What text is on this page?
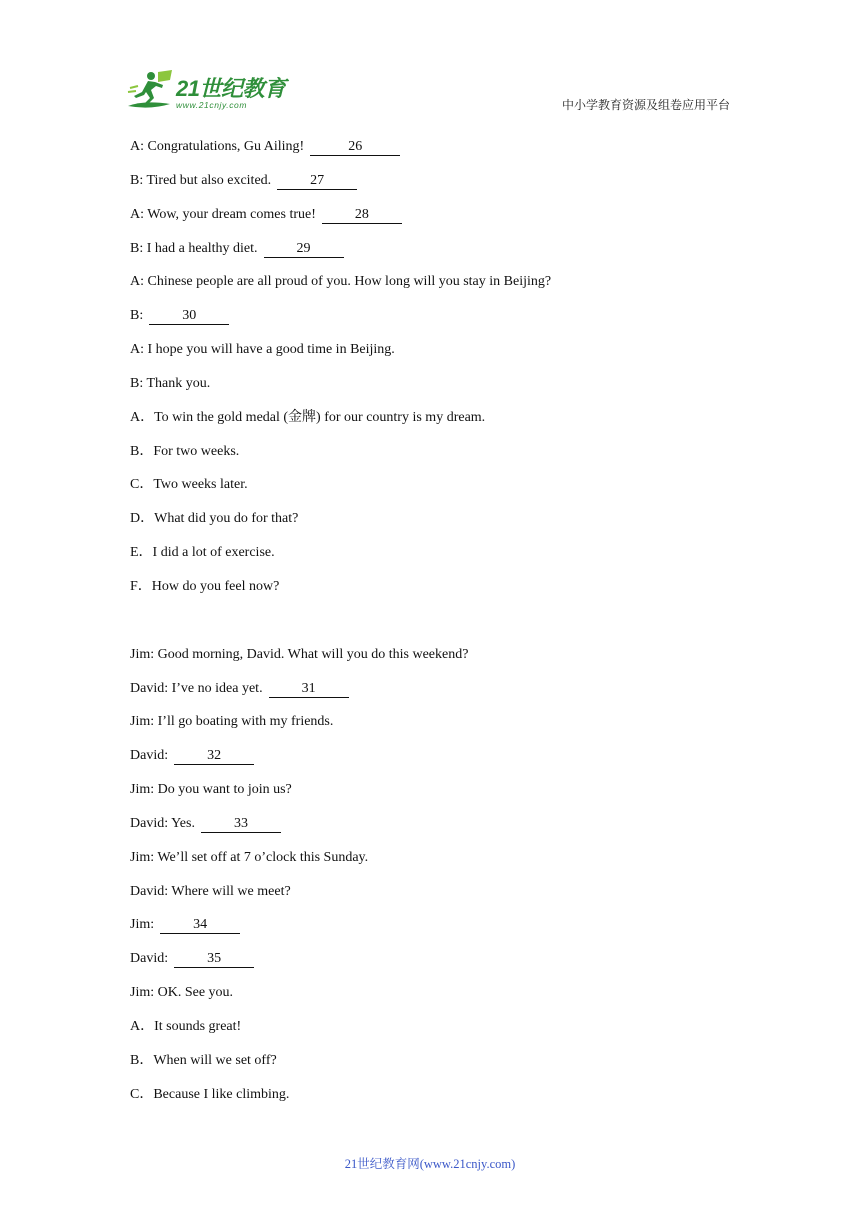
21世纪教育
www.21cnjy.com	中小学教育资源及组卷应用平台
A: Congratulations, Gu Ailing!	26
B: Tired but also excited.	27
A: Wow, your dream comes true!	28
B: I had a healthy diet.	29
A: Chinese people are all proud of you. How long will you stay in Beijing?
B:	30
A: I hope you will have a good time in Beijing.
B: Thank you.
A．To win the gold medal (金牌) for our country is my dream.
B．For two weeks.
C．Two weeks later.
D．What did you do for that?
E．I did a lot of exercise.
F．How do you feel now?
Jim: Good morning, David. What will you do this weekend?
David: I’ve no idea yet.	31
Jim: I’ll go boating with my friends.
David:	32
Jim: Do you want to join us?
David: Yes.	33
Jim: We’ll set off at 7 o’clock this Sunday.
David: Where will we meet?
Jim:	34
David:	35
Jim: OK. See you.
A．It sounds great!
B．When will we set off?
C．Because I like climbing.
21世纪教育网(www.21cnjy.com)
